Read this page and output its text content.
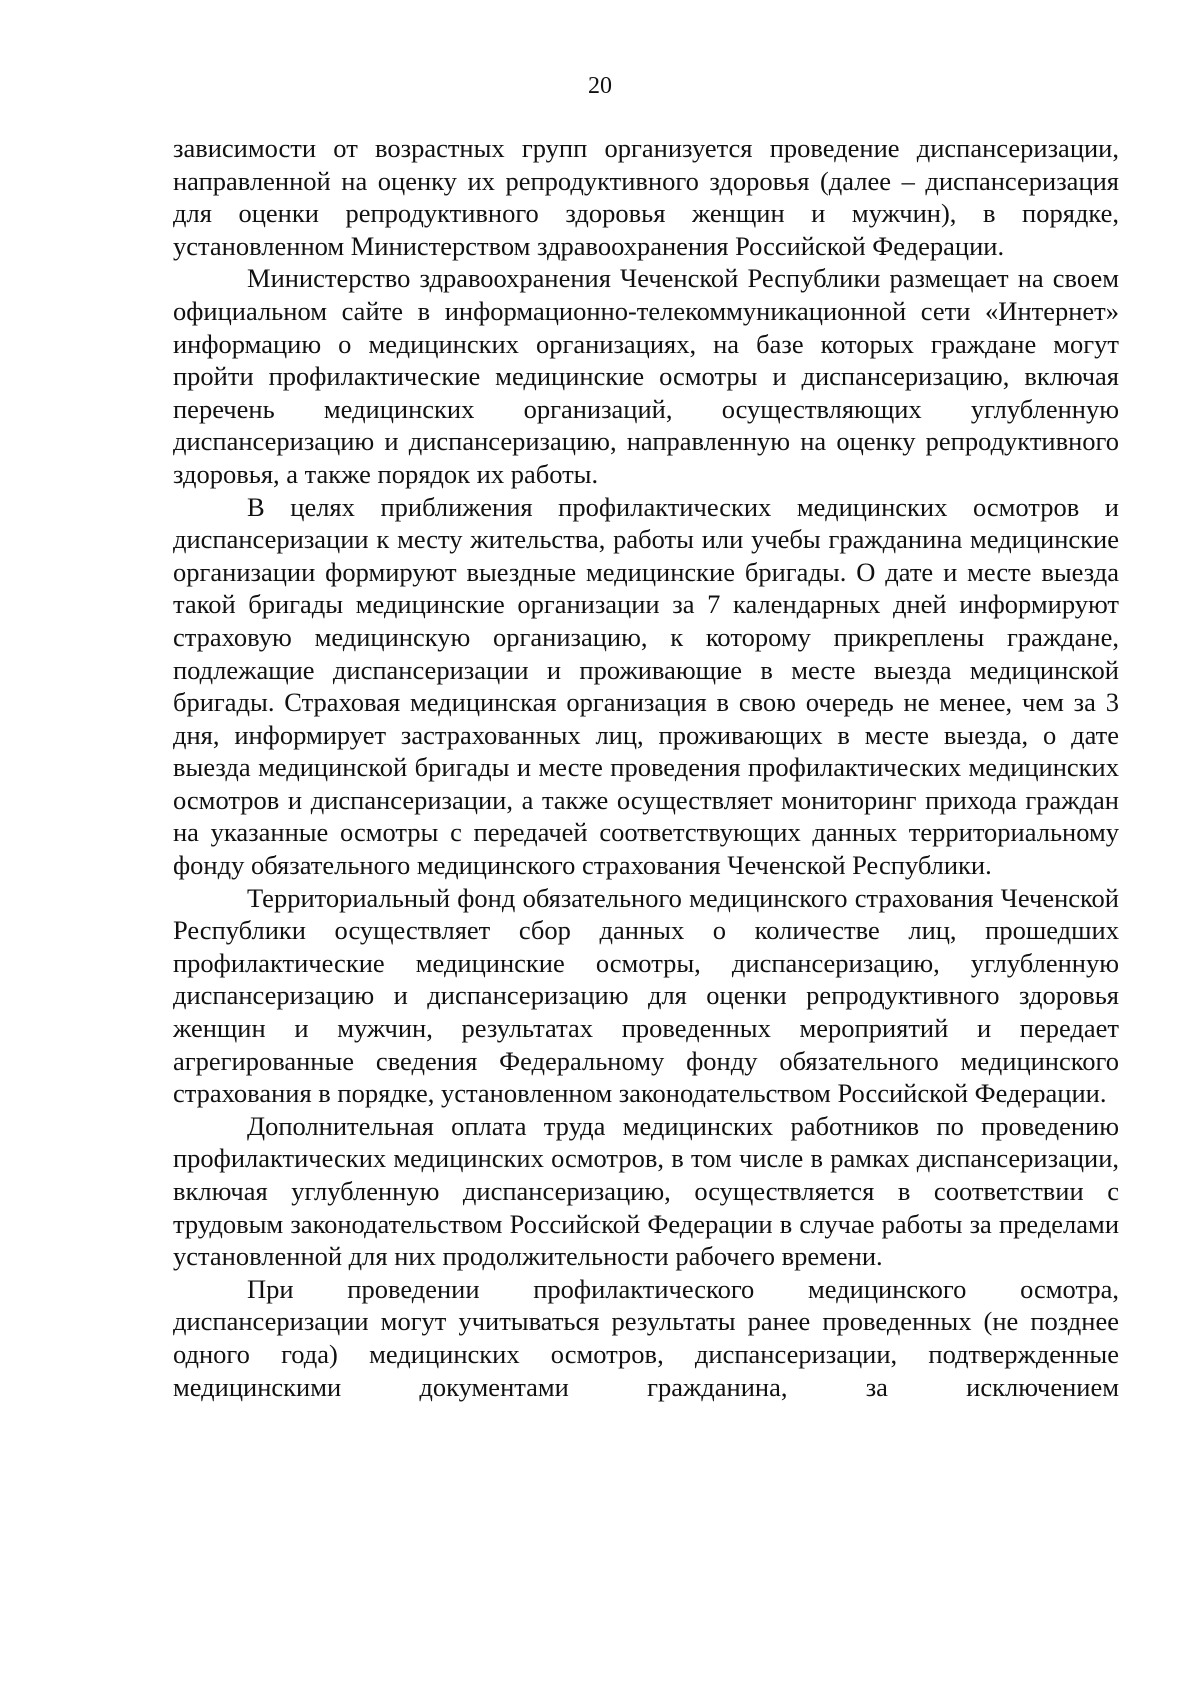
20

зависимости от возрастных групп организуется проведение диспансеризации, направленной на оценку их репродуктивного здоровья (далее – диспансеризация для оценки репродуктивного здоровья женщин и мужчин), в порядке, установленном Министерством здравоохранения Российской Федерации.

Министерство здравоохранения Чеченской Республики размещает на своем официальном сайте в информационно-телекоммуникационной сети «Интернет» информацию о медицинских организациях, на базе которых граждане могут пройти профилактические медицинские осмотры и диспансеризацию, включая перечень медицинских организаций, осуществляющих углубленную диспансеризацию и диспансеризацию, направленную на оценку репродуктивного здоровья, а также порядок их работы.

В целях приближения профилактических медицинских осмотров и диспансеризации к месту жительства, работы или учебы гражданина медицинские организации формируют выездные медицинские бригады. О дате и месте выезда такой бригады медицинские организации за 7 календарных дней информируют страховую медицинскую организацию, к которому прикреплены граждане, подлежащие диспансеризации и проживающие в месте выезда медицинской бригады. Страховая медицинская организация в свою очередь не менее, чем за 3 дня, информирует застрахованных лиц, проживающих в месте выезда, о дате выезда медицинской бригады и месте проведения профилактических медицинских осмотров и диспансеризации, а также осуществляет мониторинг прихода граждан на указанные осмотры с передачей соответствующих данных территориальному фонду обязательного медицинского страхования Чеченской Республики.

Территориальный фонд обязательного медицинского страхования Чеченской Республики осуществляет сбор данных о количестве лиц, прошедших профилактические медицинские осмотры, диспансеризацию, углубленную диспансеризацию и диспансеризацию для оценки репродуктивного здоровья женщин и мужчин, результатах проведенных мероприятий и передает агрегированные сведения Федеральному фонду обязательного медицинского страхования в порядке, установленном законодательством Российской Федерации.

Дополнительная оплата труда медицинских работников по проведению профилактических медицинских осмотров, в том числе в рамках диспансеризации, включая углубленную диспансеризацию, осуществляется в соответствии с трудовым законодательством Российской Федерации в случае работы за пределами установленной для них продолжительности рабочего времени.

При проведении профилактического медицинского осмотра, диспансеризации могут учитываться результаты ранее проведенных (не позднее одного года) медицинских осмотров, диспансеризации, подтвержденные медицинскими документами гражданина, за исключением
